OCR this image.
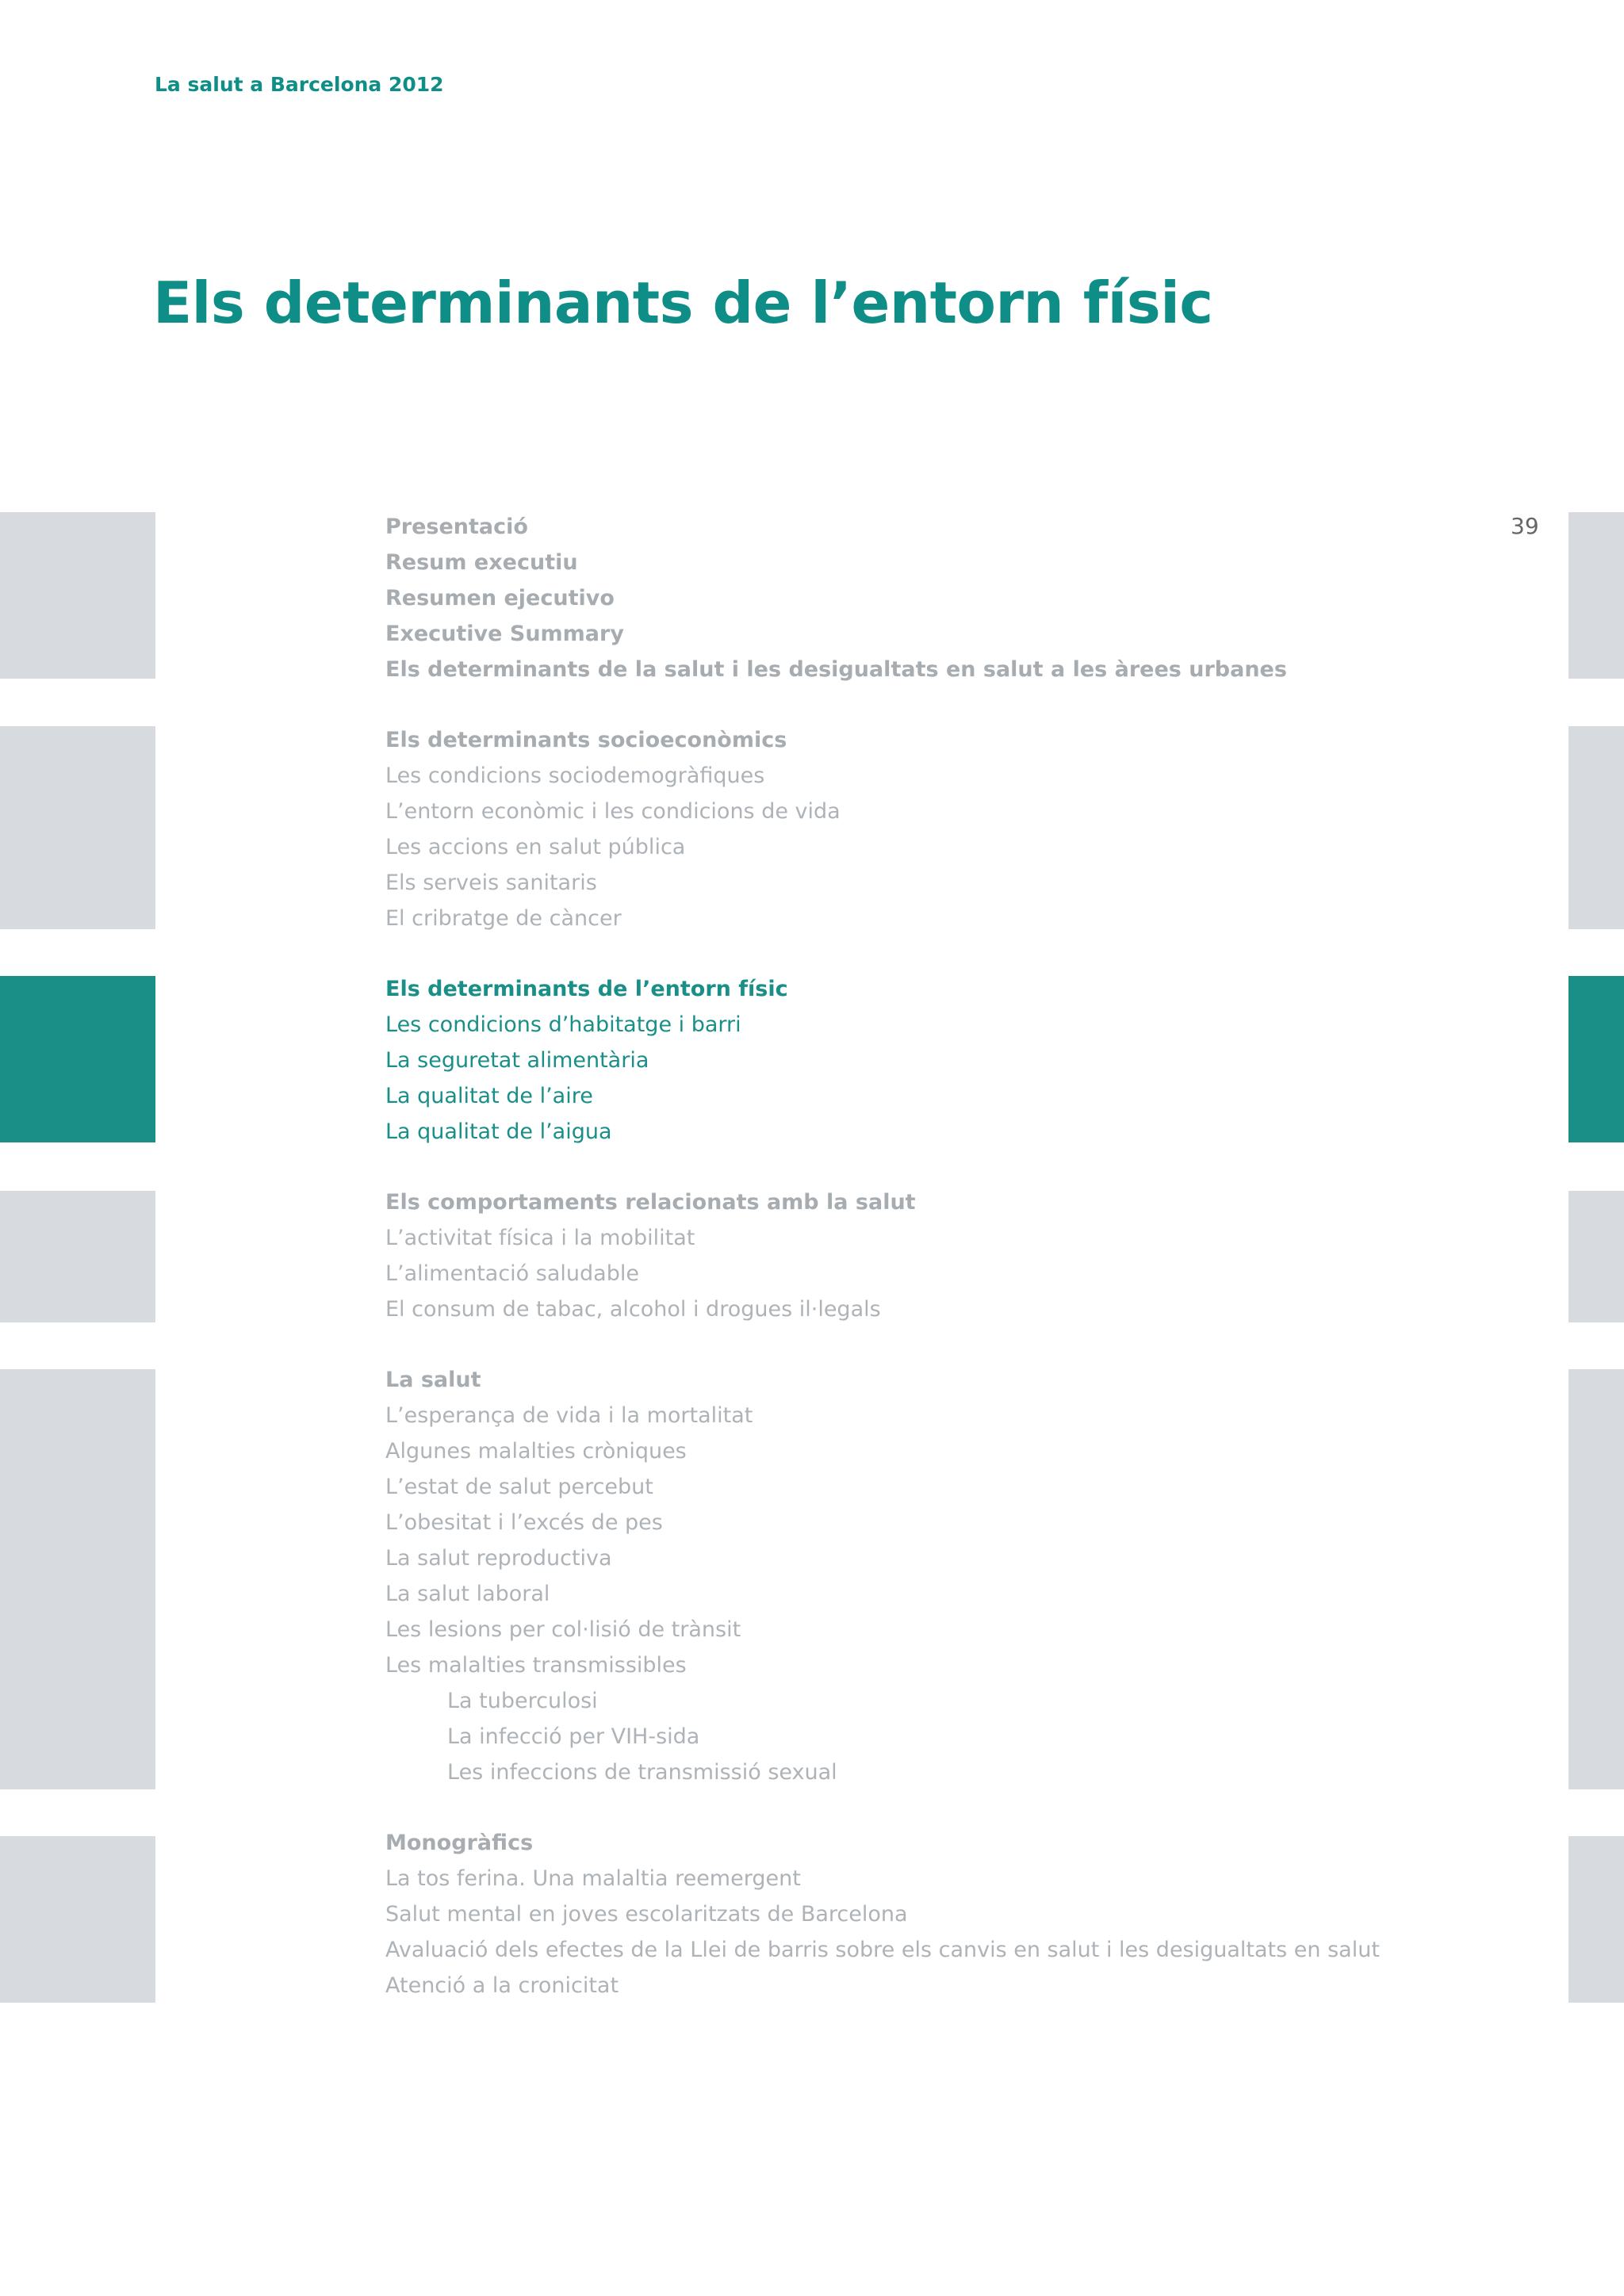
La salut a Barcelona 2012
Els determinants de l’entorn físic
39
Presentació
Resum executiu
Resumen ejecutivo
Executive Summary
Els determinants de la salut i les desigualtats en salut a les àrees urbanes
Els determinants socioeconòmics
Les condicions sociodemogràfiques
L’entorn econòmic i les condicions de vida
Les accions en salut pública
Els serveis sanitaris
El cribratge de càncer
Els determinants de l’entorn físic
Les condicions d’habitatge i barri
La seguretat alimentària
La qualitat de l’aire
La qualitat de l’aigua
Els comportaments relacionats amb la salut
L’activitat física i la mobilitat
L’alimentació saludable
El consum de tabac, alcohol i drogues il·legals
La salut
L’esperança de vida i la mortalitat
Algunes malalties cròniques
L’estat de salut percebut
L’obesitat i l’excés de pes
La salut reproductiva
La salut laboral
Les lesions per col·lisió de trànsit
Les malalties transmissibles
La tuberculosi
La infecció per VIH-sida
Les infeccions de transmissió sexual
Monogràfics
La tos ferina. Una malaltia reemergent
Salut mental en joves escolaritzats de Barcelona
Avaluació dels efectes de la Llei de barris sobre els canvis en salut i les desigualtats en salut
Atenció a la cronicitat
